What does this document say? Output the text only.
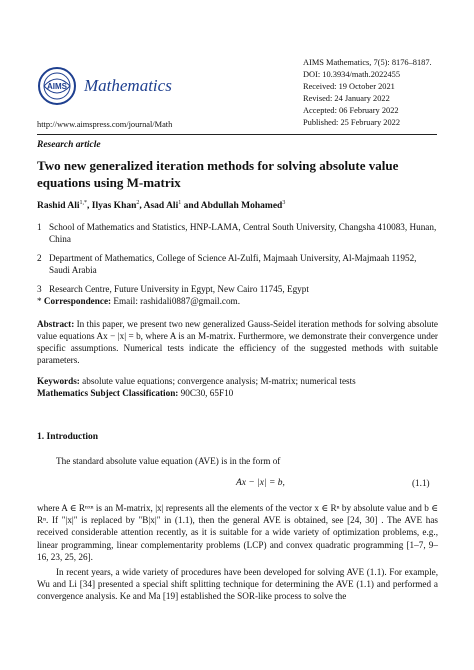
AIMS Mathematics
http://www.aimspress.com/journal/Math
AIMS Mathematics, 7(5): 8176–8187.
DOI: 10.3934/math.2022455
Received: 19 October 2021
Revised: 24 January 2022
Accepted: 06 February 2022
Published: 25 February 2022
Research article
Two new generalized iteration methods for solving absolute value equations using M-matrix
Rashid Ali$^{1,*}$, Ilyas Khan$^2$, Asad Ali$^1$ and Abdullah Mohamed$^3$
1 School of Mathematics and Statistics, HNP-LAMA, Central South University, Changsha 410083, Hunan, China
2 Department of Mathematics, College of Science Al-Zulfi, Majmaah University, Al-Majmaah 11952, Saudi Arabia
3 Research Centre, Future University in Egypt, New Cairo 11745, Egypt
* Correspondence: Email: rashidali0887@gmail.com.
Abstract: In this paper, we present two new generalized Gauss-Seidel iteration methods for solving absolute value equations Ax − |x| = b, where A is an M-matrix. Furthermore, we demonstrate their convergence under specific assumptions. Numerical tests indicate the efficiency of the suggested methods with suitable parameters.
Keywords: absolute value equations; convergence analysis; M-matrix; numerical tests
Mathematics Subject Classification: 90C30, 65F10
1. Introduction
The standard absolute value equation (AVE) is in the form of
Ax − |x| = b,	(1.1)
where A ∈ Rⁿˣⁿ is an M-matrix, |x| represents all the elements of the vector x ∈ Rⁿ by absolute value and b ∈ Rⁿ. If "|x|" is replaced by "B|x|" in (1.1), then the general AVE is obtained, see [24, 30] . The AVE has received considerable attention recently, as it is suitable for a wide variety of optimization problems, e.g., linear programming, linear complementarity problems (LCP) and convex quadratic programming [1–7, 9–16, 23, 25, 26].
In recent years, a wide variety of procedures have been developed for solving AVE (1.1). For example, Wu and Li [34] presented a special shift splitting technique for determining the AVE (1.1) and performed a convergence analysis. Ke and Ma [19] established the SOR-like process to solve the
